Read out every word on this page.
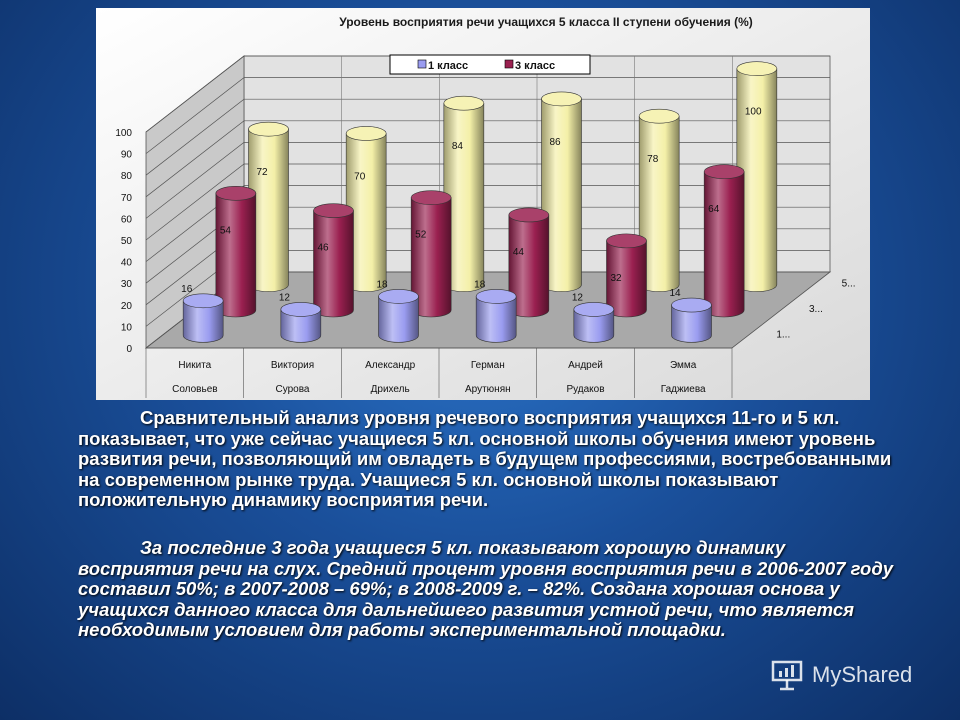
Уровень восприятия речи учащихся 5 класса II ступени обучения (%)
0
10
20
30
40
50
60
70
80
90
100
1...
3...
5...
72	70
84	86
78
100
54
46
52
44
32
64
16
12
18	18
12	14
Никита
Соловьев
Виктория
Сурова
Александр
Дрихель
Герман
Арутюнян
Андрей
Рудаков
Эмма
Гаджиева
1 класс	3 класс
Сравнительный анализ уровня речевого восприятия учащихся 11-го и 5 кл. показывает, что уже сейчас учащиеся 5 кл. основной школы обучения имеют уровень развития речи, позволяющий им овладеть в будущем профессиями, востребованными на современном рынке труда. Учащиеся 5 кл. основной школы показывают положительную динамику восприятия речи.
За последние 3 года учащиеся 5 кл. показывают хорошую динамику восприятия речи на слух. Средний процент уровня восприятия речи в 2006-2007 году составил 50%; в 2007-2008 – 69%; в 2008-2009 г. – 82%. Создана хорошая основа у учащихся данного класса для дальнейшего развития устной речи, что является необходимым условием для работы экспериментальной площадки.
MyShared
